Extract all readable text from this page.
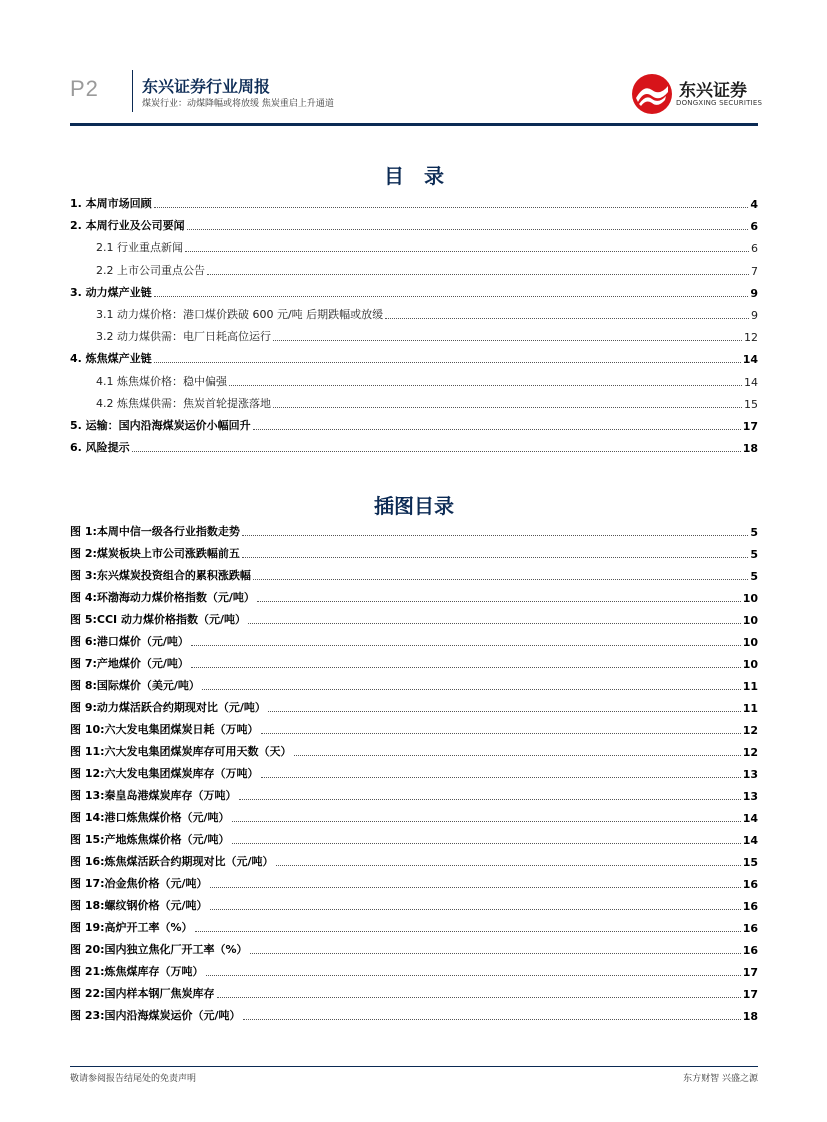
P2	东兴证券行业周报
煤炭行业：动煤降幅或将放缓 焦炭重启上升通道
东兴证券
DONGXING SECURITIES
目　录
1. 本周市场回顾	4
2. 本周行业及公司要闻	6
2.1 行业重点新闻	6
2.2 上市公司重点公告	7
3. 动力煤产业链	9
3.1 动力煤价格：港口煤价跌破 600 元/吨 后期跌幅或放缓	9
3.2 动力煤供需：电厂日耗高位运行	12
4. 炼焦煤产业链	14
4.1 炼焦煤价格：稳中偏强	14
4.2 炼焦煤供需：焦炭首轮提涨落地	15
5. 运输：国内沿海煤炭运价小幅回升	17
6. 风险提示	18
插图目录
图 1:本周中信一级各行业指数走势	5
图 2:煤炭板块上市公司涨跌幅前五	5
图 3:东兴煤炭投资组合的累积涨跌幅	5
图 4:环渤海动力煤价格指数（元/吨）	10
图 5:CCI 动力煤价格指数（元/吨）	10
图 6:港口煤价（元/吨）	10
图 7:产地煤价（元/吨）	10
图 8:国际煤价（美元/吨）	11
图 9:动力煤活跃合约期现对比（元/吨）	11
图 10:六大发电集团煤炭日耗（万吨）	12
图 11:六大发电集团煤炭库存可用天数（天）	12
图 12:六大发电集团煤炭库存（万吨）	13
图 13:秦皇岛港煤炭库存（万吨）	13
图 14:港口炼焦煤价格（元/吨）	14
图 15:产地炼焦煤价格（元/吨）	14
图 16:炼焦煤活跃合约期现对比（元/吨）	15
图 17:冶金焦价格（元/吨）	16
图 18:螺纹钢价格（元/吨）	16
图 19:高炉开工率（%）	16
图 20:国内独立焦化厂开工率（%）	16
图 21:炼焦煤库存（万吨）	17
图 22:国内样本钢厂焦炭库存	17
图 23:国内沿海煤炭运价（元/吨）	18
敬请参阅报告结尾处的免责声明	东方财智 兴盛之源
